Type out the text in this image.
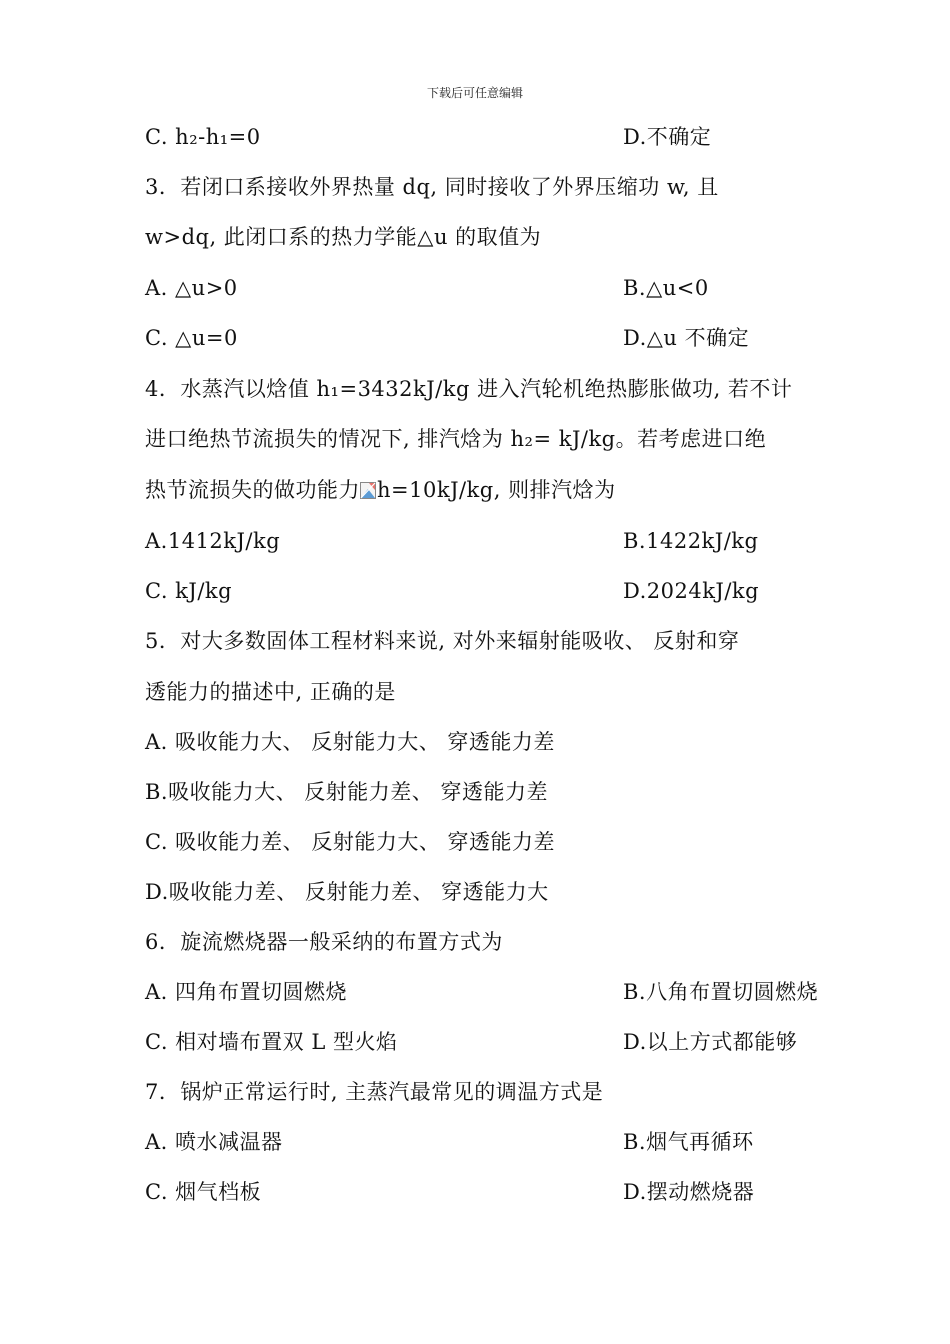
下载后可任意编辑
C. h₂-h₁=0	D.不确定
3．若闭口系接收外界热量 dq, 同时接收了外界压缩功 w, 且
w>dq, 此闭口系的热力学能△u 的取值为
A. △u>0	B.△u<0
C. △u=0	D.△u 不确定
4．水蒸汽以焓值 h₁=3432kJ/kg 进入汽轮机绝热膨胀做功, 若不计
进口绝热节流损失的情况下, 排汽焓为 h₂= kJ/kg。若考虑进口绝
热节流损失的做功能力 h=10kJ/kg, 则排汽焓为
A.1412kJ/kg	B.1422kJ/kg
C. kJ/kg	D.2024kJ/kg
5．对大多数固体工程材料来说, 对外来辐射能吸收、 反射和穿
透能力的描述中, 正确的是
A. 吸收能力大、 反射能力大、 穿透能力差
B.吸收能力大、 反射能力差、 穿透能力差
C. 吸收能力差、 反射能力大、 穿透能力差
D.吸收能力差、 反射能力差、 穿透能力大
6．旋流燃烧器一般采纳的布置方式为
A. 四角布置切圆燃烧	B.八角布置切圆燃烧
C. 相对墙布置双 L 型火焰	D.以上方式都能够
7．锅炉正常运行时, 主蒸汽最常见的调温方式是
A. 喷水减温器	B.烟气再循环
C. 烟气档板	D.摆动燃烧器
